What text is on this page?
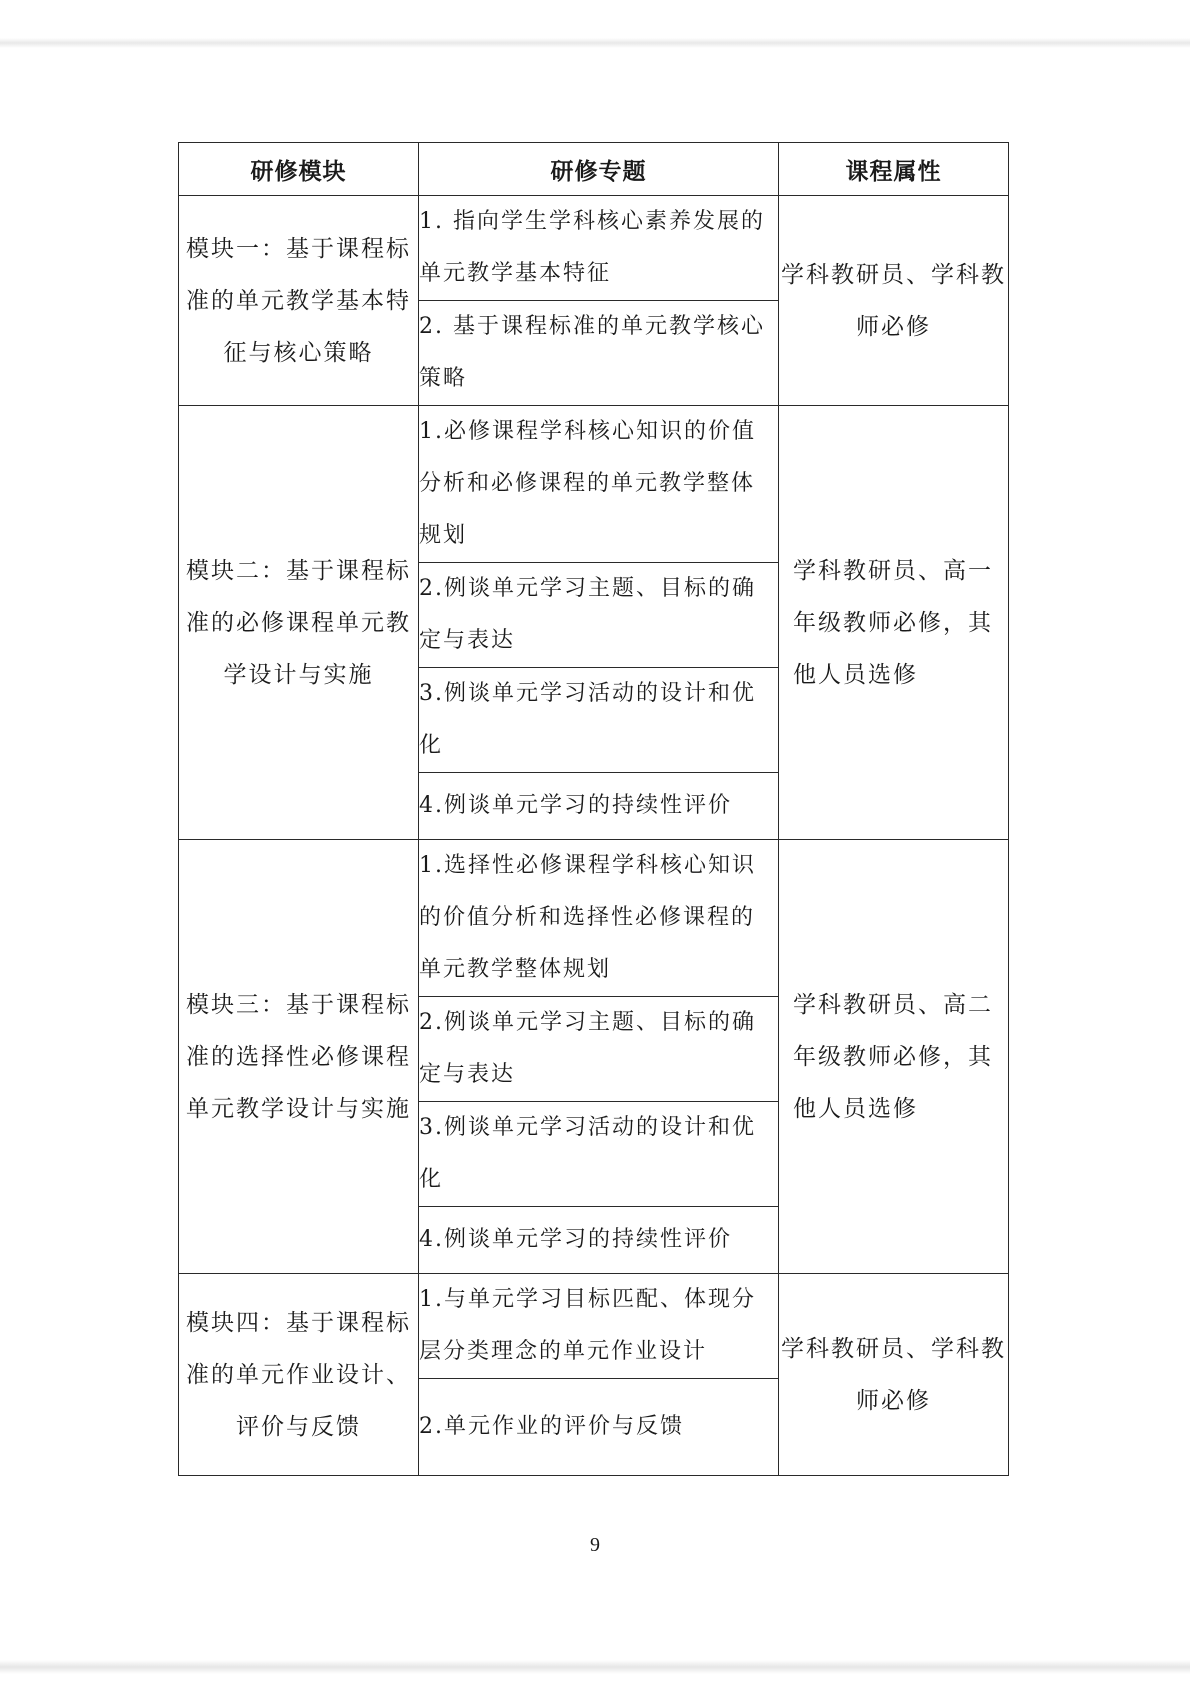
研修模块	研修专题	课程属性
模块一：基于课程标准的单元教学基本特征与核心策略	1. 指向学生学科核心素养发展的单元教学基本特征	学科教研员、学科教师必修
	2. 基于课程标准的单元教学核心策略	
模块二：基于课程标准的必修课程单元教学设计与实施	1.必修课程学科核心知识的价值分析和必修课程的单元教学整体规划	学科教研员、高一年级教师必修，其他人员选修
	2.例谈单元学习主题、目标的确定与表达	
	3.例谈单元学习活动的设计和优化	
	4.例谈单元学习的持续性评价	
模块三：基于课程标准的选择性必修课程单元教学设计与实施	1.选择性必修课程学科核心知识的价值分析和选择性必修课程的单元教学整体规划	学科教研员、高二年级教师必修，其他人员选修
	2.例谈单元学习主题、目标的确定与表达	
	3.例谈单元学习活动的设计和优化	
	4.例谈单元学习的持续性评价	
模块四：基于课程标准的单元作业设计、评价与反馈	1.与单元学习目标匹配、体现分层分类理念的单元作业设计	学科教研员、学科教师必修
	2.单元作业的评价与反馈	
9
